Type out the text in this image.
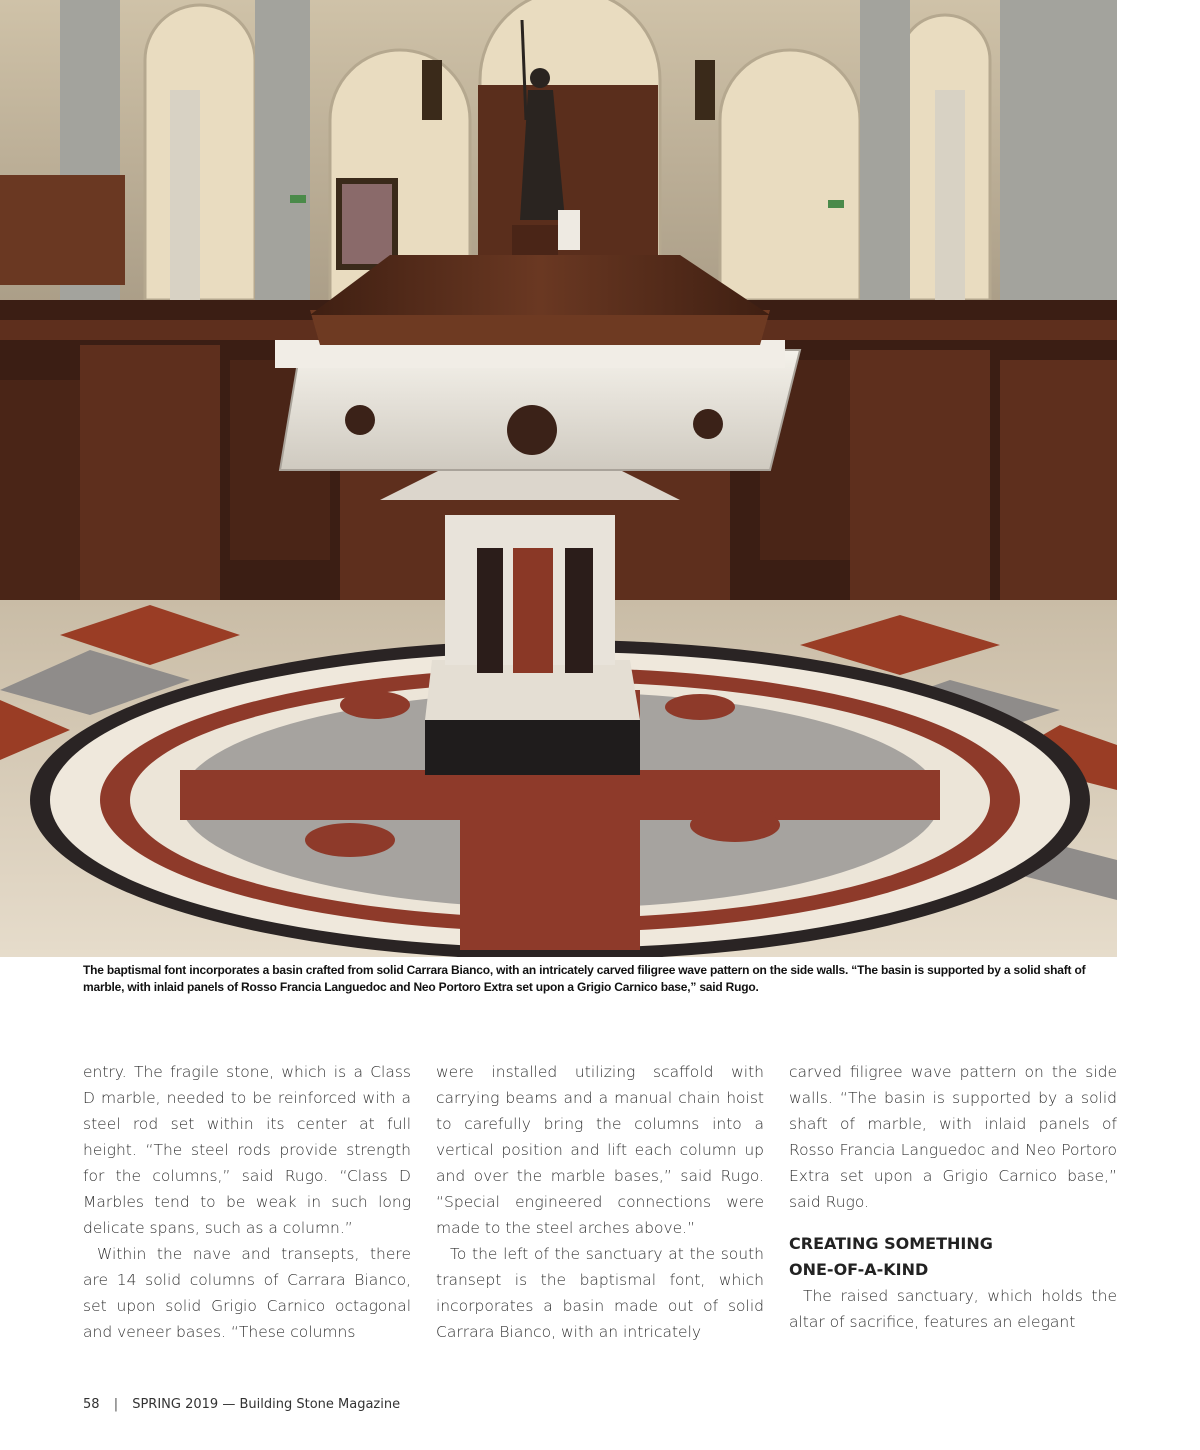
The baptismal font incorporates a basin crafted from solid Carrara Bianco, with an intricately carved filigree wave pattern on the side walls. “The basin is supported by a solid shaft of marble, with inlaid panels of Rosso Francia Languedoc and Neo Portoro Extra set upon a Grigio Carnico base,” said Rugo.

entry. The fragile stone, which is a Class D marble, needed to be reinforced with a steel rod set within its center at full height. “The steel rods provide strength for the columns,” said Rugo. “Class D Marbles tend to be weak in such long delicate spans, such as a column.”

Within the nave and transepts, there are 14 solid columns of Carrara Bianco, set upon solid Grigio Carnico octagonal and veneer bases. “These columns

were installed utilizing scaffold with carrying beams and a manual chain hoist to carefully bring the columns into a vertical position and lift each column up and over the marble bases,” said Rugo. “Special engineered connections were made to the steel arches above.”

To the left of the sanctuary at the south transept is the baptismal font, which incorporates a basin made out of solid Carrara Bianco, with an intricately

carved filigree wave pattern on the side walls. “The basin is supported by a solid shaft of marble, with inlaid panels of Rosso Francia Languedoc and Neo Portoro Extra set upon a Grigio Carnico base,” said Rugo.

CREATING SOMETHING
ONE-OF-A-KIND

The raised sanctuary, which holds the altar of sacrifice, features an elegant

58 | SPRING 2019 — Building Stone Magazine
